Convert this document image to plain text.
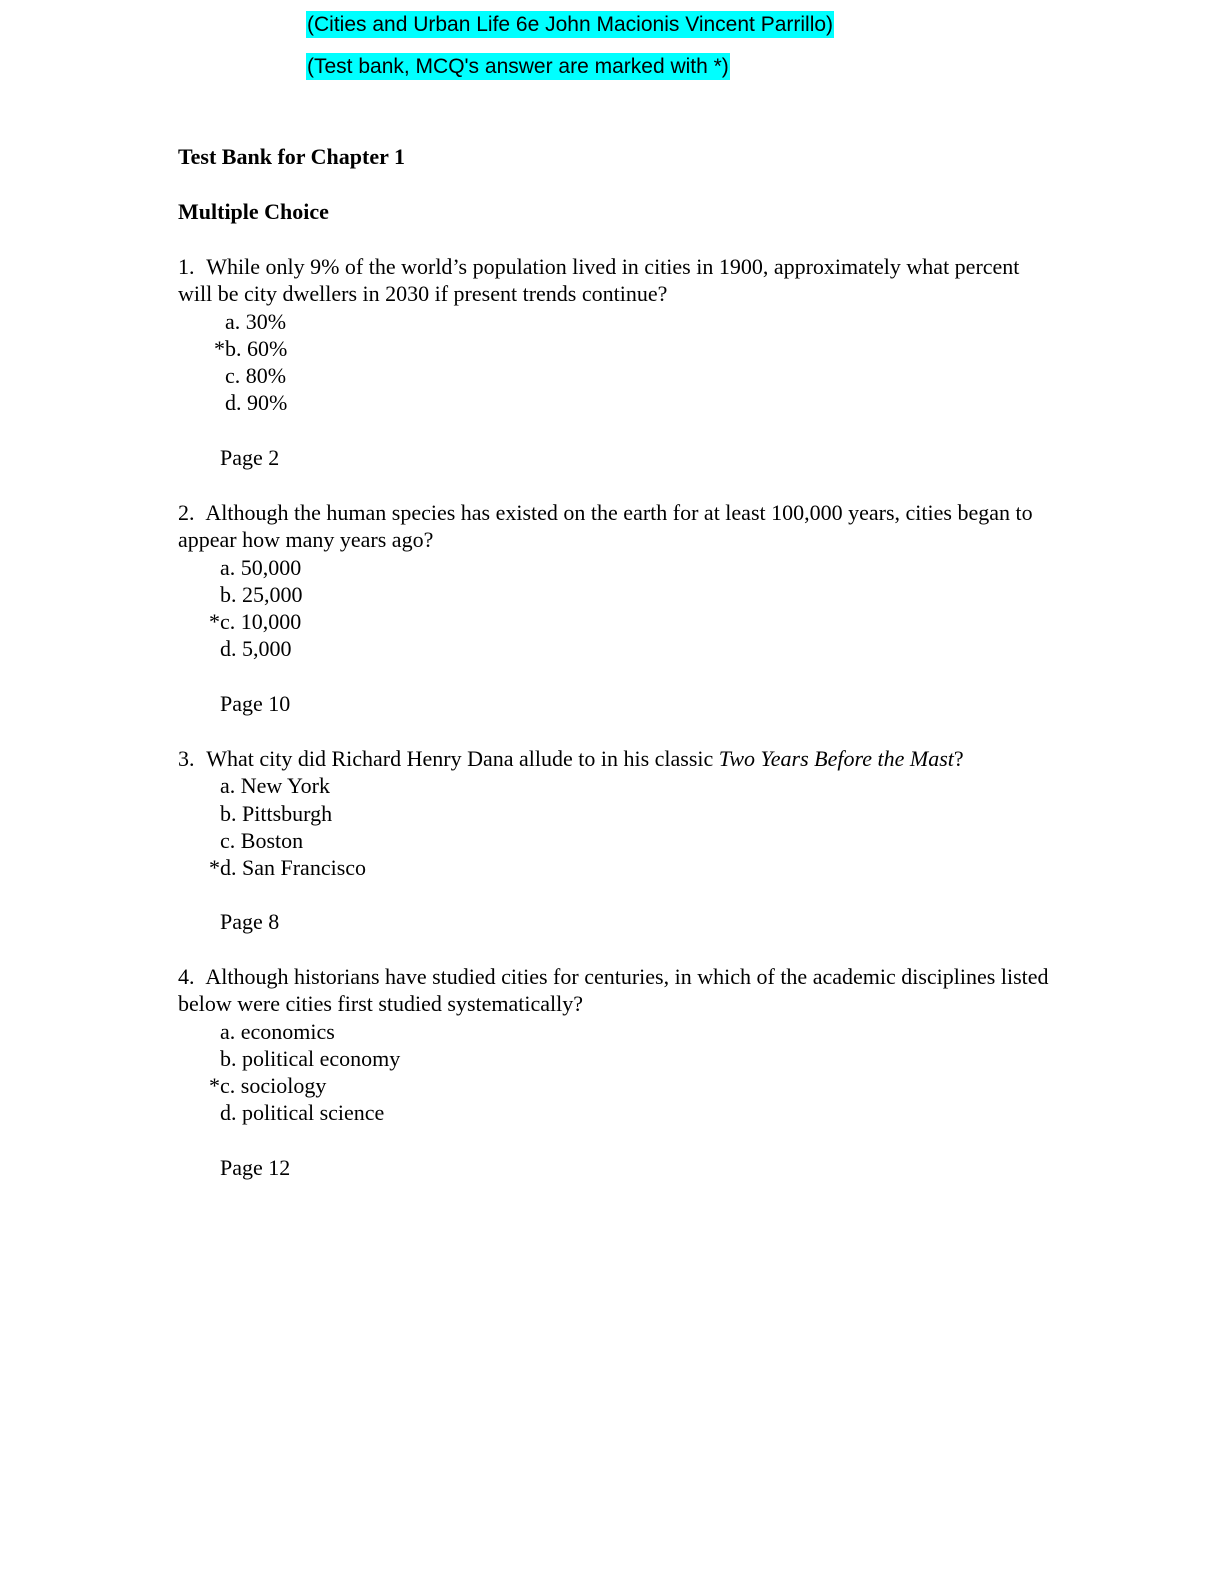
(Cities and Urban Life 6e John Macionis Vincent Parrillo)
(Test bank, MCQ's answer are marked with *)
Test Bank for Chapter 1
Multiple Choice

1. While only 9% of the world’s population lived in cities in 1900, approximately what percent will be city dwellers in 2030 if present trends continue?

a. 30%

*b. 60%

c. 80%

d. 90%

Page 2

2. Although the human species has existed on the earth for at least 100,000 years, cities began to appear how many years ago?

a. 50,000

b. 25,000

*c. 10,000

d. 5,000

Page 10

3. What city did Richard Henry Dana allude to in his classic Two Years Before the Mast?

a. New York

b. Pittsburgh

c. Boston

*d. San Francisco

Page 8

4. Although historians have studied cities for centuries, in which of the academic disciplines listed below were cities first studied systematically?

a. economics

b. political economy

*c. sociology

d. political science

Page 12
